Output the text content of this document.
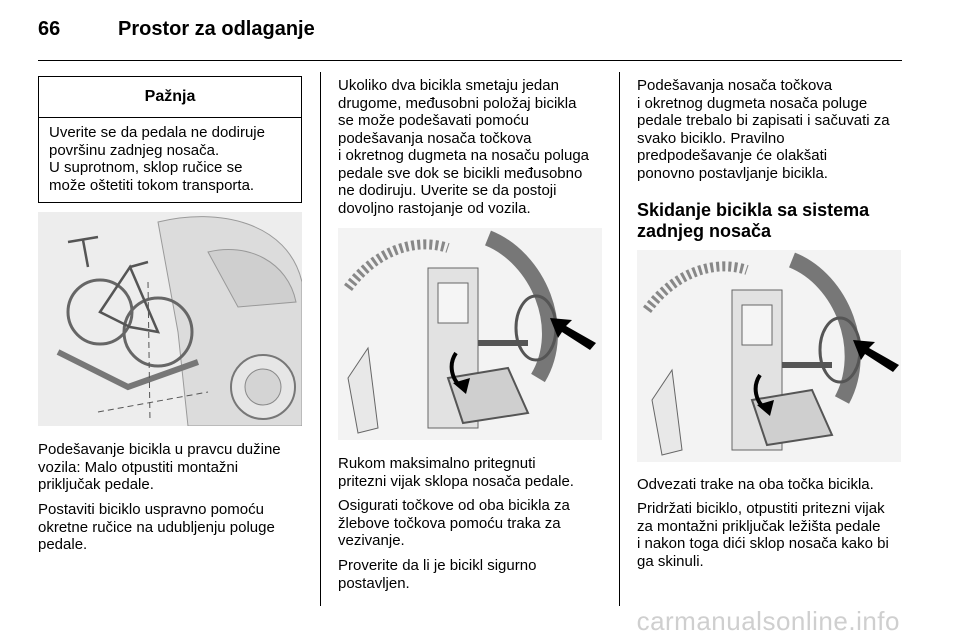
66	Prostor za odlaganje
Pažnja
Uverite se da pedala ne dodiruje
površinu zadnjeg nosača.
U suprotnom, sklop ručice se
može oštetiti tokom transporta.
Podešavanje bicikla u pravcu dužine
vozila: Malo otpustiti montažni
priključak pedale.
Postaviti biciklo uspravno pomoću
okretne ručice na udubljenju poluge
pedale.
Ukoliko dva bicikla smetaju jedan
drugome, međusobni položaj bicikla
se može podešavati pomoću
podešavanja nosača točkova
i okretnog dugmeta na nosaču poluga
pedale sve dok se bicikli međusobno
ne dodiruju. Uverite se da postoji
dovoljno rastojanje od vozila.
Rukom maksimalno pritegnuti
pritezni vijak sklopa nosača pedale.
Osigurati točkove od oba bicikla za
žlebove točkova pomoću traka za
vezivanje.
Proverite da li je bicikl sigurno
postavljen.
Podešavanja nosača točkova
i okretnog dugmeta nosača poluge
pedale trebalo bi zapisati i sačuvati za
svako biciklo. Pravilno
predpodešavanje će olakšati
ponovno postavljanje bicikla.
Skidanje bicikla sa sistema
zadnjeg nosača
Odvezati trake na oba točka bicikla.
Pridržati biciklo, otpustiti pritezni vijak
za montažni priključak ležišta pedale
i nakon toga dići sklop nosača kako bi
ga skinuli.
carmanualsonline.info
